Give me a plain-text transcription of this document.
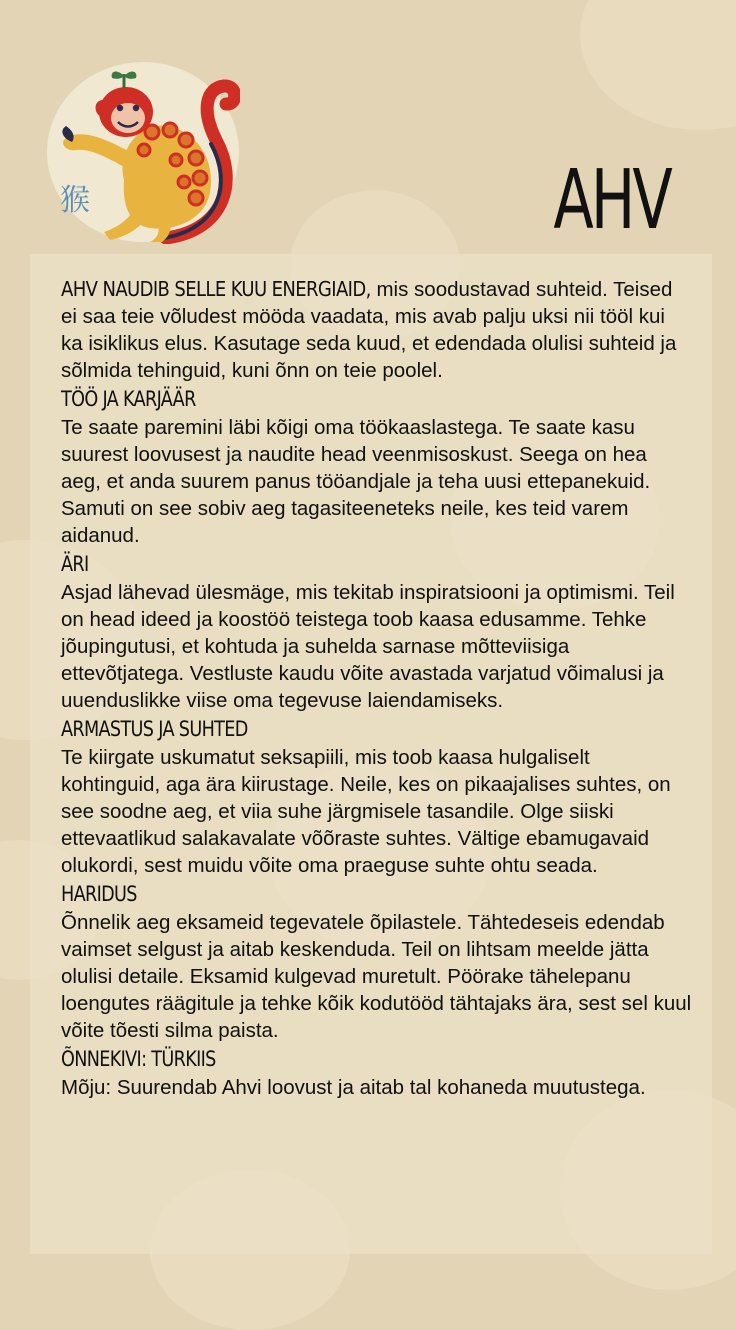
猴	AHV

AHV NAUDIB SELLE KUU ENERGIAID, mis soodustavad suhteid. Teised ei saa teie võludest mööda vaadata, mis avab palju uksi nii tööl kui ka isiklikus elus. Kasutage seda kuud, et edendada olulisi suhteid ja sõlmida tehinguid, kuni õnn on teie poolel.

TÖÖ JA KARJÄÄR

Te saate paremini läbi kõigi oma töökaaslastega. Te saate kasu suurest loovusest ja naudite head veenmisoskust. Seega on hea aeg, et anda suurem panus tööandjale ja teha uusi ettepanekuid. Samuti on see sobiv aeg tagasiteeneteks neile, kes teid varem aidanud.

ÄRI

Asjad lähevad ülesmäge, mis tekitab inspiratsiooni ja optimismi. Teil on head ideed ja koostöö teistega toob kaasa edusamme. Tehke jõupingutusi, et kohtuda ja suhelda sarnase mõtteviisiga ettevõtjatega. Vestluste kaudu võite avastada varjatud võimalusi ja uuenduslikke viise oma tegevuse laiendamiseks.

ARMASTUS JA SUHTED

Te kiirgate uskumatut seksapiili, mis toob kaasa hulgaliselt kohtinguid, aga ära kiirustage. Neile, kes on pikaajalises suhtes, on see soodne aeg, et viia suhe järgmisele tasandile. Olge siiski ettevaatlikud salakavalate võõraste suhtes. Vältige ebamugavaid olukordi, sest muidu võite oma praeguse suhte ohtu seada.

HARIDUS

Õnnelik aeg eksameid tegevatele õpilastele. Tähtedeseis edendab vaimset selgust ja aitab keskenduda. Teil on lihtsam meelde jätta olulisi detaile. Eksamid kulgevad muretult. Pöörake tähelepanu loengutes räägitule ja tehke kõik kodutööd tähtajaks ära, sest sel kuul võite tõesti silma paista.

ÕNNEKIVI: TÜRKIIS

Mõju: Suurendab Ahvi loovust ja aitab tal kohaneda muutustega.
